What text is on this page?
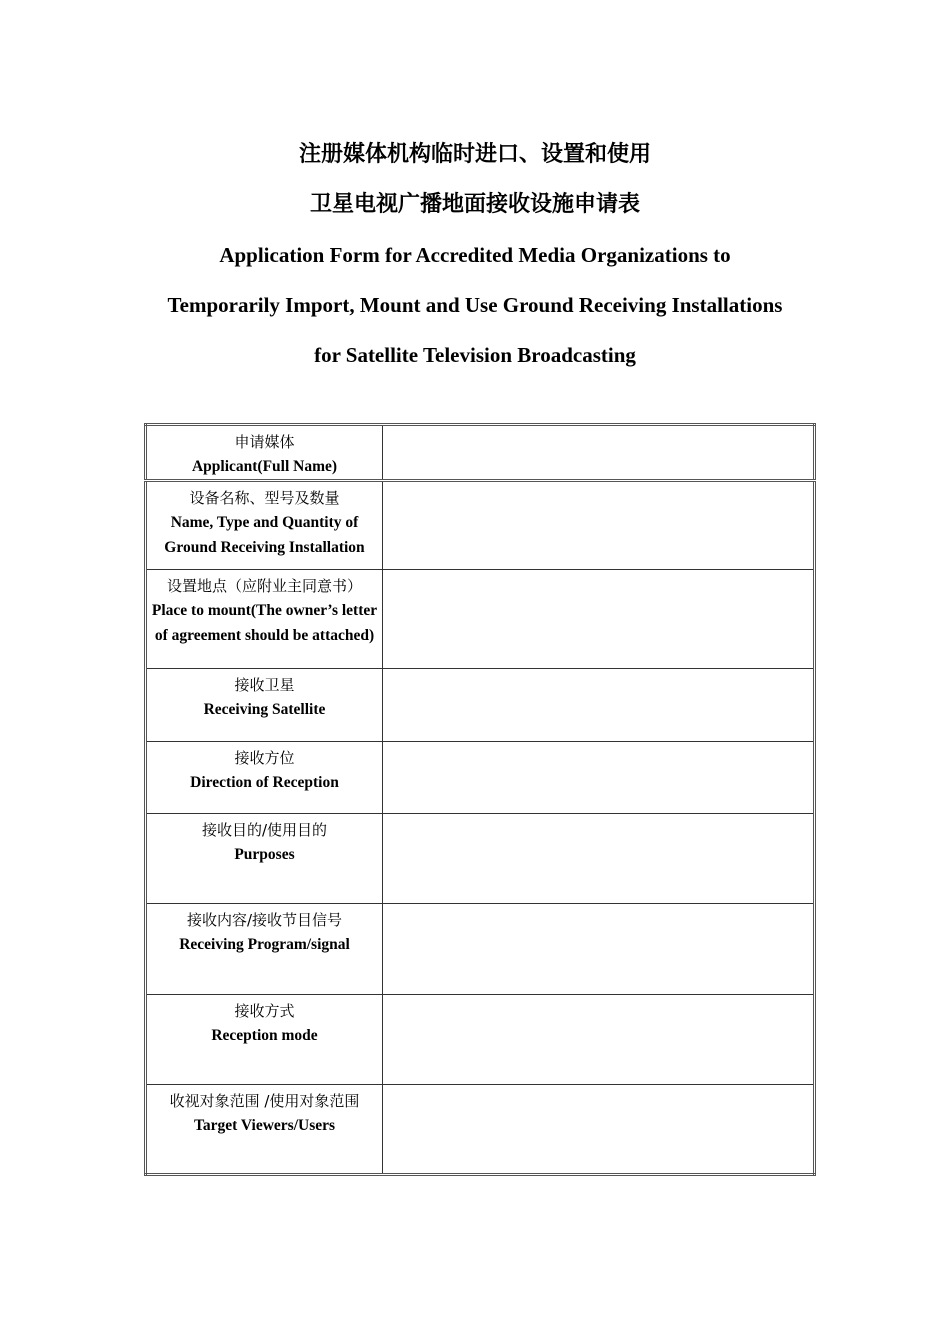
注册媒体机构临时进口、设置和使用

卫星电视广播地面接收设施申请表

Application Form for Accredited Media Organizations to

Temporarily Import, Mount and Use Ground Receiving Installations

for Satellite Television Broadcasting

申请媒体
Applicant(Full Name)	

设备名称、型号及数量
Name, Type and Quantity of Ground Receiving Installation	

设置地点（应附业主同意书）
Place to mount(The owner’s letter of agreement should be attached)	

接收卫星
Receiving Satellite	

接收方位
Direction of Reception	

接收目的/使用目的
Purposes	

接收内容/接收节目信号
Receiving Program/signal	

接收方式
Reception mode	

收视对象范围 /使用对象范围
Target Viewers/Users	
